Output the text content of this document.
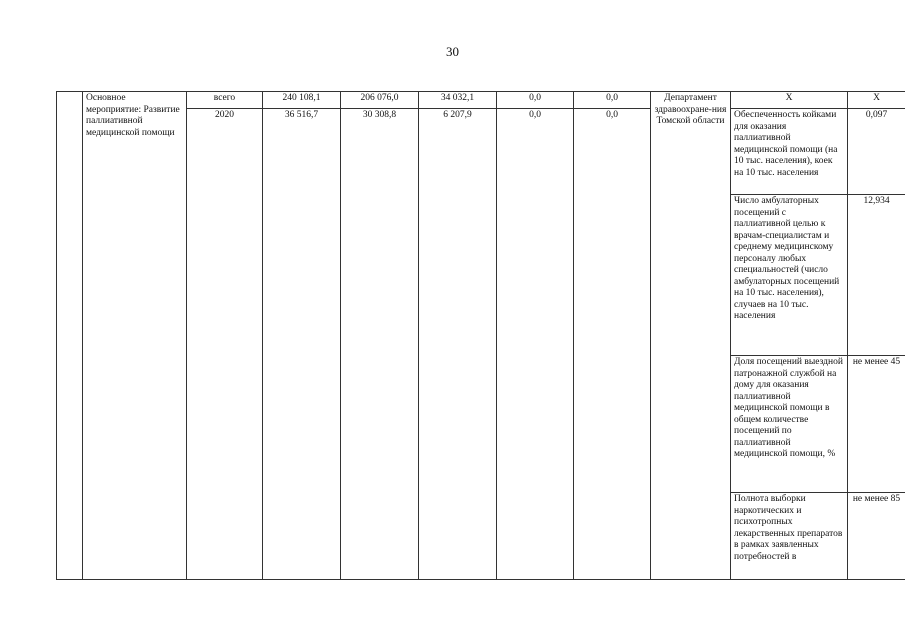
30
	Основное мероприятие: Развитие паллиативной медицинской помощи	всего	240 108,1	206 076,0	34 032,1	0,0	0,0	Департамент здравоохране-ния Томской области	X	X
		2020	36 516,7	30 308,8	6 207,9	0,0	0,0		Обеспеченность койками для оказания паллиативной медицинской помощи (на 10 тыс. населения), коек на 10 тыс. населения	0,097
									Число амбулаторных посещений с паллиативной целью к врачам-специалистам и среднему медицинскому персоналу любых специальностей (число амбулаторных посещений на 10 тыс. населения), случаев на 10 тыс. населения	12,934
									Доля посещений выездной патронажной службой на дому для оказания паллиативной медицинской помощи в общем количестве посещений по паллиативной медицинской помощи, %	не менее 45
									Полнота выборки наркотических и психотропных лекарственных препаратов в рамках заявленных потребностей в	не менее 85
